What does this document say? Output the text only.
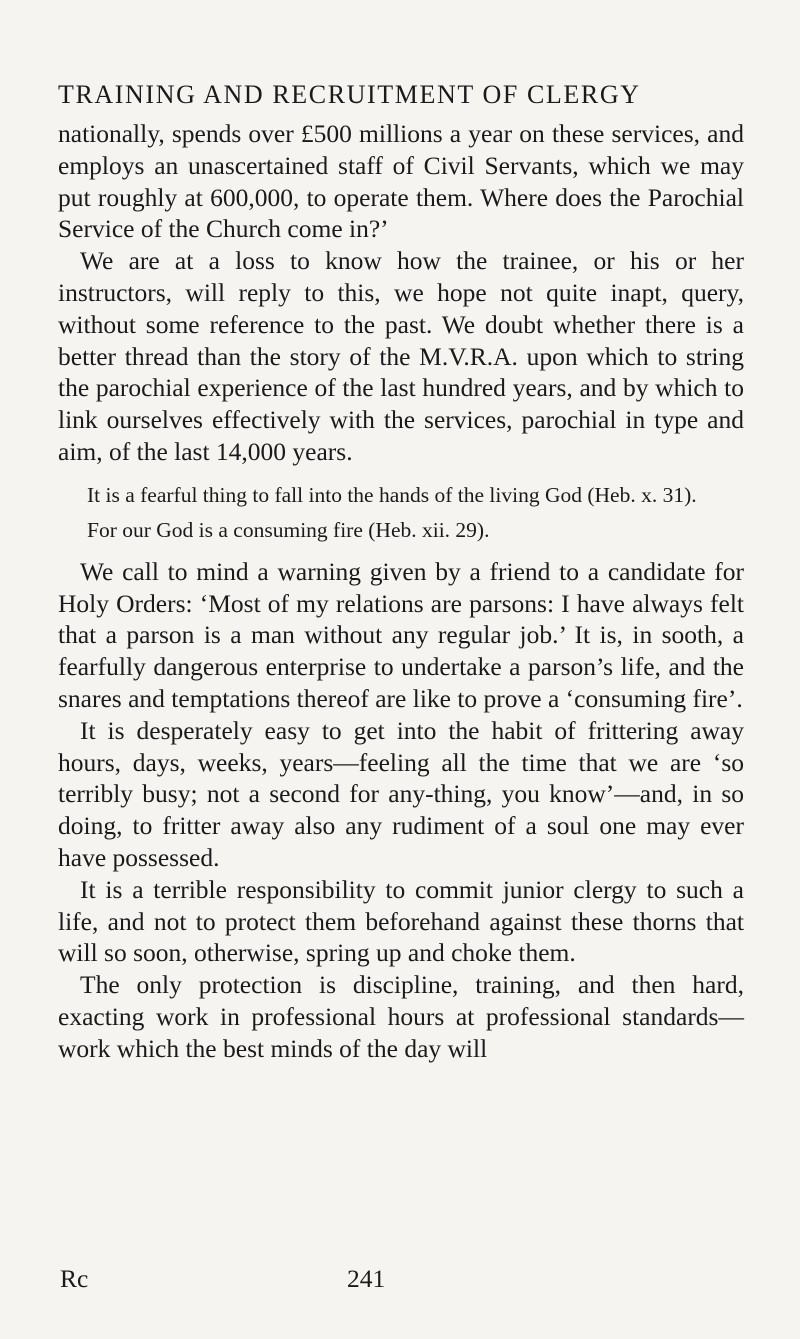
TRAINING AND RECRUITMENT OF CLERGY

nationally, spends over £500 millions a year on these services, and employs an unascertained staff of Civil Servants, which we may put roughly at 600,000, to operate them. Where does the Parochial Service of the Church come in?’

We are at a loss to know how the trainee, or his or her instructors, will reply to this, we hope not quite inapt, query, without some reference to the past. We doubt whether there is a better thread than the story of the M.V.R.A. upon which to string the parochial experience of the last hundred years, and by which to link ourselves effectively with the services, parochial in type and aim, of the last 14,000 years.

It is a fearful thing to fall into the hands of the living God (Heb. x. 31).

For our God is a consuming fire (Heb. xii. 29).

We call to mind a warning given by a friend to a candidate for Holy Orders: ‘Most of my relations are parsons: I have always felt that a parson is a man without any regular job.’ It is, in sooth, a fearfully dangerous enterprise to undertake a parson’s life, and the snares and temptations thereof are like to prove a ‘consuming fire’.

It is desperately easy to get into the habit of frittering away hours, days, weeks, years—feeling all the time that we are ‘so terribly busy; not a second for any-thing, you know’—and, in so doing, to fritter away also any rudiment of a soul one may ever have possessed.

It is a terrible responsibility to commit junior clergy to such a life, and not to protect them beforehand against these thorns that will so soon, otherwise, spring up and choke them.

The only protection is discipline, training, and then hard, exacting work in professional hours at professional standards—work which the best minds of the day will

Rc	241
